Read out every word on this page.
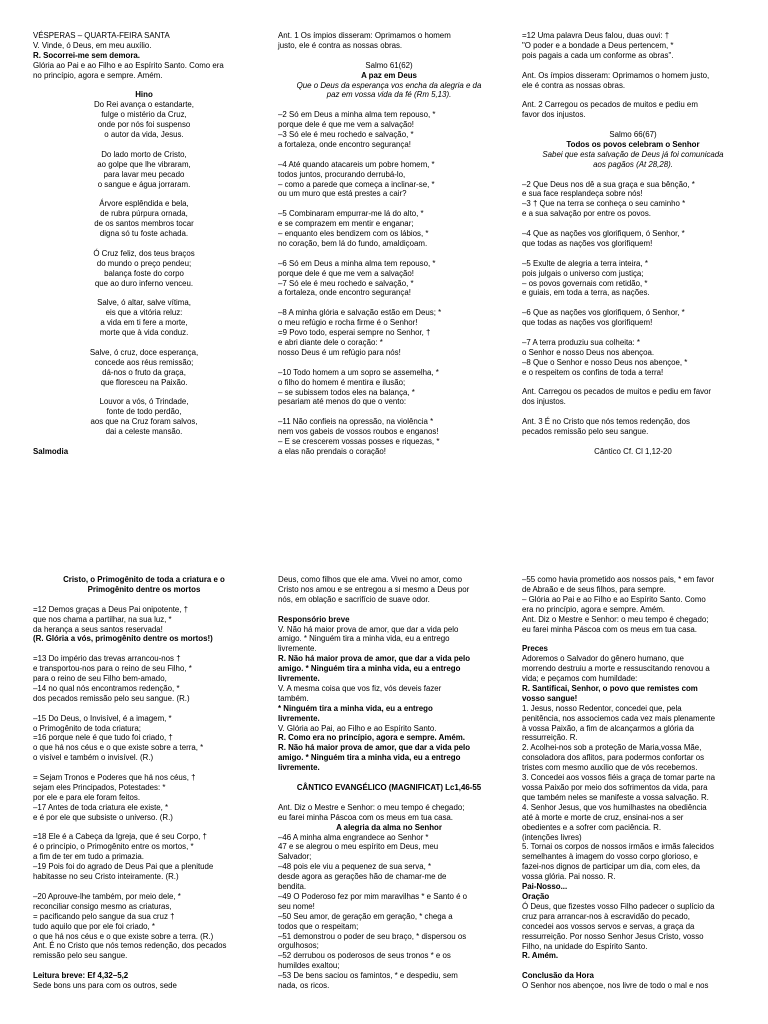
VÉSPERAS – QUARTA-FEIRA SANTA
V. Vinde, ó Deus, em meu auxílio.
R. Socorrei-me sem demora.
Glória ao Pai e ao Filho e ao Espírito Santo. Como era
no princípio, agora e sempre. Amém.
Hino
Do Rei avança o estandarte,
fulge o mistério da Cruz,
onde por nós foi suspenso
o autor da vida, Jesus.
Do lado morto de Cristo,
ao golpe que lhe vibraram,
para lavar meu pecado
o sangue e água jorraram.
Árvore esplêndida e bela,
de rubra púrpura ornada,
de os santos membros tocar
digna só tu foste achada.
Ó Cruz feliz, dos teus braços
do mundo o preço pendeu;
balança foste do corpo
que ao duro inferno venceu.
Salve, ó altar, salve vítima,
eis que a vitória reluz:
a vida em ti fere a morte,
morte que à vida conduz.
Salve, ó cruz, doce esperança,
concede aos réus remissão;
dá-nos o fruto da graça,
que floresceu na Paixão.
Louvor a vós, ó Trindade,
fonte de todo perdão,
aos que na Cruz foram salvos,
dai a celeste mansão.
Salmodia
Ant. 1 Os ímpios disseram: Oprimamos o homem
justo, ele é contra as nossas obras.
Salmo 61(62)
A paz em Deus
Que o Deus da esperança vos encha da alegria e da
paz em vossa vida da fé (Rm 5,13).
–2 Só em Deus a minha alma tem repouso, *
porque dele é que me vem a salvação!
–3 Só ele é meu rochedo e salvação, *
a fortaleza, onde encontro segurança!
–4 Até quando atacareis um pobre homem, *
todos juntos, procurando derrubá-lo,
– como a parede que começa a inclinar-se, *
ou um muro que está prestes a cair?
–5 Combinaram empurrar-me lá do alto, *
e se comprazem em mentir e enganar;
– enquanto eles bendizem com os lábios, *
no coração, bem lá do fundo, amaldiçoam.
–6 Só em Deus a minha alma tem repouso, *
porque dele é que me vem a salvação!
–7 Só ele é meu rochedo e salvação, *
a fortaleza, onde encontro segurança!
–8 A minha glória e salvação estão em Deus; *
o meu refúgio e rocha firme é o Senhor!
=9 Povo todo, esperai sempre no Senhor, †
e abri diante dele o coração: *
nosso Deus é um refúgio para nós!
–10 Todo homem a um sopro se assemelha, *
o filho do homem é mentira e ilusão;
– se subissem todos eles na balança, *
pesariam até menos do que o vento:
–11 Não confieis na opressão, na violência *
nem vos gabeis de vossos roubos e enganos!
– E se crescerem vossas posses e riquezas, *
a elas não prendais o coração!
=12 Uma palavra Deus falou, duas ouvi: †
"O poder e a bondade a Deus pertencem, *
pois pagais a cada um conforme as obras".
Ant. Os ímpios disseram: Oprimamos o homem justo,
ele é contra as nossas obras.
Ant. 2 Carregou os pecados de muitos e pediu em
favor dos injustos.
Salmo 66(67)
Todos os povos celebram o Senhor
Sabei que esta salvação de Deus já foi comunicada
aos pagãos (At 28,28).
–2 Que Deus nos dê a sua graça e sua bênção, *
e sua face resplandeça sobre nós!
–3 † Que na terra se conheça o seu caminho *
e a sua salvação por entre os povos.
–4 Que as nações vos glorifiquem, ó Senhor, *
que todas as nações vos glorifiquem!
–5 Exulte de alegria a terra inteira, *
pois julgais o universo com justiça;
– os povos governais com retidão, *
e guiais, em toda a terra, as nações.
–6 Que as nações vos glorifiquem, ó Senhor, *
que todas as nações vos glorifiquem!
–7 A terra produziu sua colheita: *
o Senhor e nosso Deus nos abençoa.
–8 Que o Senhor e nosso Deus nos abençoe, *
e o respeitem os confins de toda a terra!
Ant. Carregou os pecados de muitos e pediu em favor
dos injustos.
Ant. 3 É no Cristo que nós temos redenção, dos
pecados remissão pelo seu sangue.
Cântico Cf. Cl 1,12-20
Cristo, o Primogênito de toda a criatura e o
Primogênito dentre os mortos
=12 Demos graças a Deus Pai onipotente, †
que nos chama a partilhar, na sua luz, *
da herança a seus santos reservada!
(R. Glória a vós, primogênito dentre os mortos!)
=13 Do império das trevas arrancou-nos †
e transportou-nos para o reino de seu Filho, *
para o reino de seu Filho bem-amado,
–14 no qual nós encontramos redenção, *
dos pecados remissão pelo seu sangue. (R.)
–15 Do Deus, o Invisível, é a imagem, *
o Primogênito de toda criatura;
=16 porque nele é que tudo foi criado, †
o que há nos céus e o que existe sobre a terra, *
o visível e também o invisível. (R.)
= Sejam Tronos e Poderes que há nos céus, †
sejam eles Principados, Potestades: *
por ele e para ele foram feitos.
–17 Antes de toda criatura ele existe, *
e é por ele que subsiste o universo. (R.)
=18 Ele é a Cabeça da Igreja, que é seu Corpo, †
é o princípio, o Primogênito entre os mortos, *
a fim de ter em tudo a primazia.
–19 Pois foi do agrado de Deus Pai que a plenitude
habitasse no seu Cristo inteiramente. (R.)
–20 Aprouve-lhe também, por meio dele, *
reconciliar consigo mesmo as criaturas,
= pacificando pelo sangue da sua cruz †
tudo aquilo que por ele foi criado, *
o que há nos céus e o que existe sobre a terra. (R.)
Ant. É no Cristo que nós temos redenção, dos pecados
remissão pelo seu sangue.
Leitura breve: Ef 4,32–5,2
Sede bons uns para com os outros, sede
Deus, como filhos que ele ama. Vivei no amor, como
Cristo nos amou e se entregou a si mesmo a Deus por
nós, em oblação e sacrifício de suave odor.
Responsório breve
V. Não há maior prova de amor, que dar a vida pelo
amigo. * Ninguém tira a minha vida, eu a entrego
livremente.
R. Não há maior prova de amor, que dar a vida pelo
amigo. * Ninguém tira a minha vida, eu a entrego
livremente.
V. A mesma coisa que vos fiz, vós deveis fazer
também.
* Ninguém tira a minha vida, eu a entrego
livremente.
V. Glória ao Pai, ao Filho e ao Espírito Santo.
R. Como era no princípio, agora e sempre. Amém.
R. Não há maior prova de amor, que dar a vida pelo
amigo. * Ninguém tira a minha vida, eu a entrego
livremente.
CÂNTICO EVANGÉLICO (MAGNIFICAT) Lc1,46-55
Ant. Diz o Mestre e Senhor: o meu tempo é chegado;
eu farei minha Páscoa com os meus em tua casa.
A alegria da alma no Senhor
–46 A minha alma engrandece ao Senhor *
47 e se alegrou o meu espírito em Deus, meu
Salvador;
–48 pois ele viu a pequenez de sua serva, *
desde agora as gerações hão de chamar-me de
bendita.
–49 O Poderoso fez por mim maravilhas * e Santo é o
seu nome!
–50 Seu amor, de geração em geração, * chega a
todos que o respeitam;
–51 demonstrou o poder de seu braço, * dispersou os
orgulhosos;
–52 derrubou os poderosos de seus tronos * e os
humildes exaltou;
–53 De bens saciou os famintos, * e despediu, sem
nada, os ricos.
–55 como havia prometido aos nossos pais, * em favor
de Abraão e de seus filhos, para sempre.
– Glória ao Pai e ao Filho e ao Espírito Santo. Como
era no princípio, agora e sempre. Amém.
Ant. Diz o Mestre e Senhor: o meu tempo é chegado;
eu farei minha Páscoa com os meus em tua casa.
Preces
Adoremos o Salvador do gênero humano, que
morrendo destruiu a morte e ressuscitando renovou a
vida; e peçamos com humildade:
R. Santificai, Senhor, o povo que remistes com
vosso sangue!
1. Jesus, nosso Redentor, concedei que, pela
penitência, nos associemos cada vez mais plenamente
à vossa Paixão, a fim de alcançarmos a glória da
ressurreição. R.
2. Acolhei-nos sob a proteção de Maria,vossa Mãe,
consoladora dos aflitos, para podermos confortar os
tristes com mesmo auxílio que de vós recebemos.
3. Concedei aos vossos fiéis a graça de tomar parte na
vossa Paixão por meio dos sofrimentos da vida, para
que também neles se manifeste a vossa salvação. R.
4. Senhor Jesus, que vos humilhastes na obediência
até à morte e morte de cruz, ensinai-nos a ser
obedientes e a sofrer com paciência. R.
(intenções livres)
5. Tornai os corpos de nossos irmãos e irmãs falecidos
semelhantes à imagem do vosso corpo glorioso, e
fazei-nos dignos de participar um dia, com eles, da
vossa glória. Pai nosso. R.
Pai-Nosso...
Oração
Ó Deus, que fizestes vosso Filho padecer o suplício da
cruz para arrancar-nos à escravidão do pecado,
concedei aos vossos servos e servas, a graça da
ressurreição. Por nosso Senhor Jesus Cristo, vosso
Filho, na unidade do Espírito Santo.
R. Amém.
Conclusão da Hora
O Senhor nos abençoe, nos livre de todo o mal e nos
